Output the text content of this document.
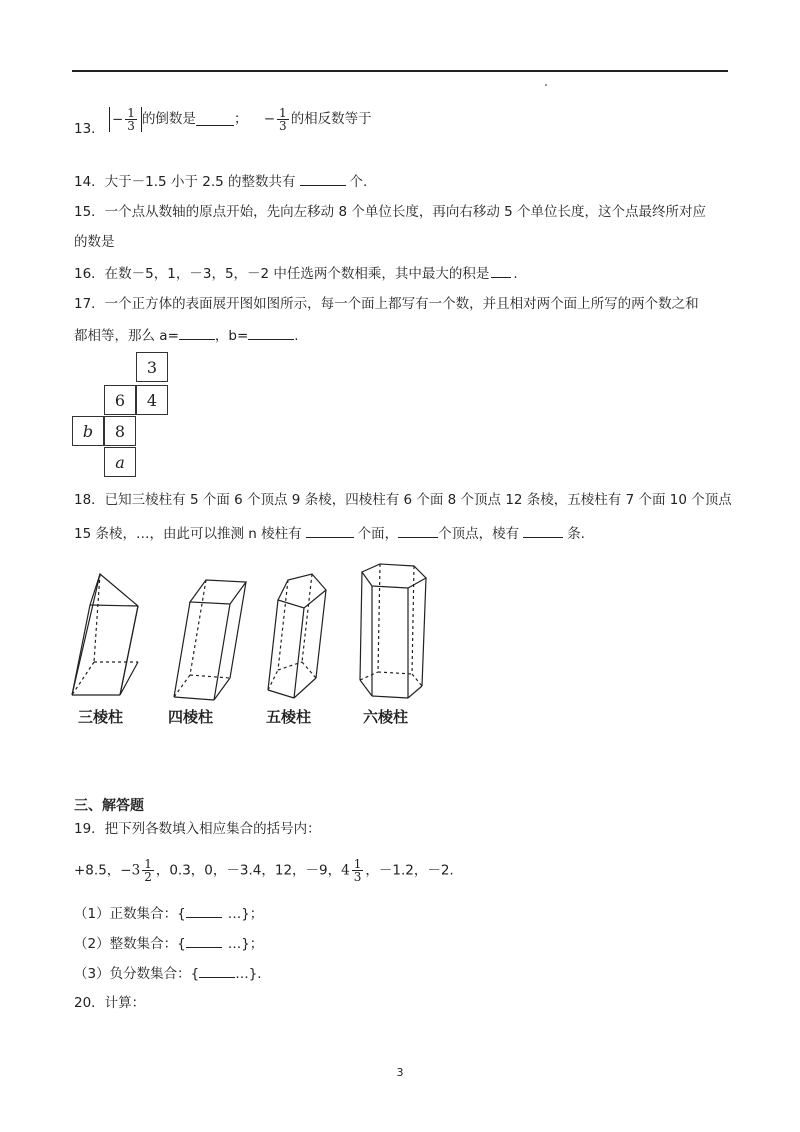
13． − $\frac{1}{3}$ 的倒数是	； − $\frac{1}{3}$ 的相反数等于
14．大于－1.5 小于 2.5 的整数共有	个.
15．一个点从数轴的原点开始，先向左移动 8 个单位长度，再向右移动 5 个单位长度，这个点最终所对应
的数是
16．在数－5，1，－3，5，－2 中任选两个数相乘，其中最大的积是 .
17．一个正方体的表面展开图如图所示，每一个面上都写有一个数，并且相对两个面上所写的两个数之和
都相等，那么 a=	，b=	.
3
6	4
b	8
a
18．已知三棱柱有 5 个面 6 个顶点 9 条棱，四棱柱有 6 个面 8 个顶点 12 条棱，五棱柱有 7 个面 10 个顶点
15 条棱，…，由此可以推测 n 棱柱有	个面，	个顶点，棱有	条.
三棱柱	四棱柱	五棱柱	六棱柱
三、解答题
19．把下列各数填入相应集合的括号内：
+8.5，$-3 \frac{1}{2}$ ，0.3，0，－3.4，12，－9，$4 \frac{1}{3}$ ，－1.2，－2.
（1）正数集合：{	…}；
（2）整数集合：{	…}；
（3）负分数集合：{	…}.
20．计算：
3
